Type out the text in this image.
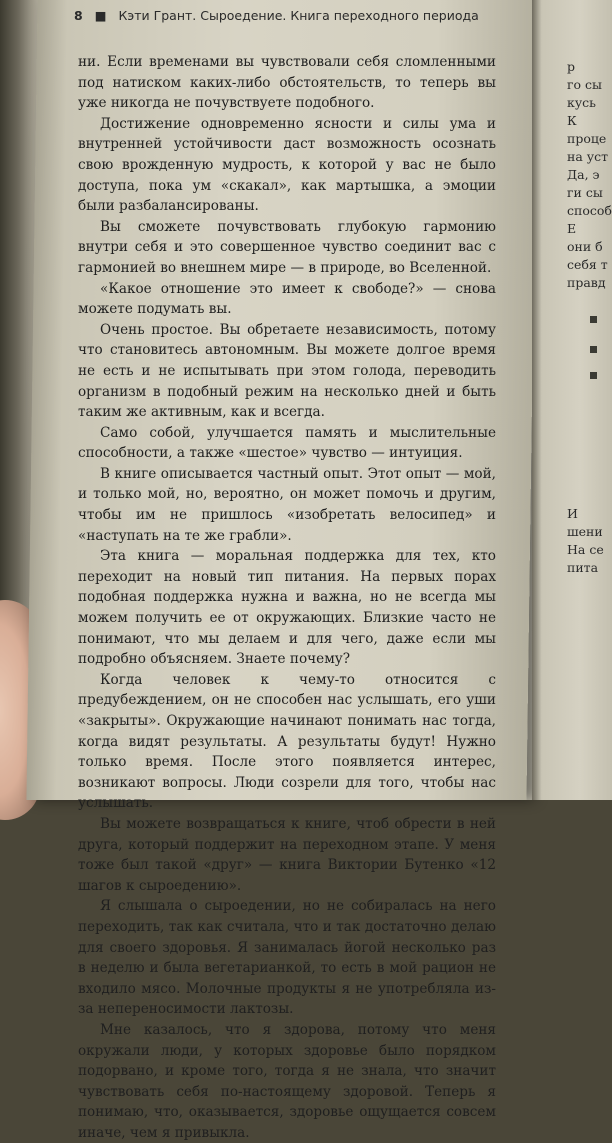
8 ■ Кэти Грант. Сыроедение. Книга переходного периода

ни. Если временами вы чувствовали себя сломленными под натиском каких-либо обстоятельств, то теперь вы уже никогда не почувствуете подобного.

Достижение одновременно ясности и силы ума и внутренней устойчивости даст возможность осознать свою врожденную мудрость, к которой у вас не было доступа, пока ум «скакал», как мартышка, а эмоции были разбалансированы.

Вы сможете почувствовать глубокую гармонию внутри себя и это совершенное чувство соединит вас с гармонией во внешнем мире — в природе, во Вселенной.

«Какое отношение это имеет к свободе?» — снова можете подумать вы.

Очень простое. Вы обретаете независимость, потому что становитесь автономным. Вы можете долгое время не есть и не испытывать при этом голода, переводить организм в подобный режим на несколько дней и быть таким же активным, как и всегда.

Само собой, улучшается память и мыслительные способности, а также «шестое» чувство — интуиция.

В книге описывается частный опыт. Этот опыт — мой, и только мой, но, вероятно, он может помочь и другим, чтобы им не пришлось «изобретать велосипед» и «наступать на те же грабли».

Эта книга — моральная поддержка для тех, кто переходит на новый тип питания. На первых порах подобная поддержка нужна и важна, но не всегда мы можем получить ее от окружающих. Близкие часто не понимают, что мы делаем и для чего, даже если мы подробно объясняем. Знаете почему?

Когда человек к чему-то относится с предубеждением, он не способен нас услышать, его уши «закрыты». Окружающие начинают понимать нас тогда, когда видят результаты. А результаты будут! Нужно только время. После этого появляется интерес, возникают вопросы. Люди созрели для того, чтобы нас услышать.

Вы можете возвращаться к книге, чтоб обрести в ней друга, который поддержит на переходном этапе. У меня тоже был такой «друг» — книга Виктории Бутенко «12 шагов к сыроедению».

Я слышала о сыроедении, но не собиралась на него переходить, так как считала, что и так достаточно делаю для своего здоровья. Я занималась йогой несколько раз в неделю и была вегетарианкой, то есть в мой рацион не входило мясо. Молочные продукты я не употребляла из-за непереносимости лактозы.

Мне казалось, что я здорова, потому что меня окружали люди, у которых здоровье было порядком подорвано, и кроме того, тогда я не знала, что значит чувствовать себя по-настоящему здоровой. Теперь я понимаю, что, оказывается, здоровье ощущается совсем иначе, чем я привыкла.

р
го сы
кусь
К
проце
на уст
Да, э
ги сы
способ
Е
они б
себя т
правд
И
шени
На се
пита
